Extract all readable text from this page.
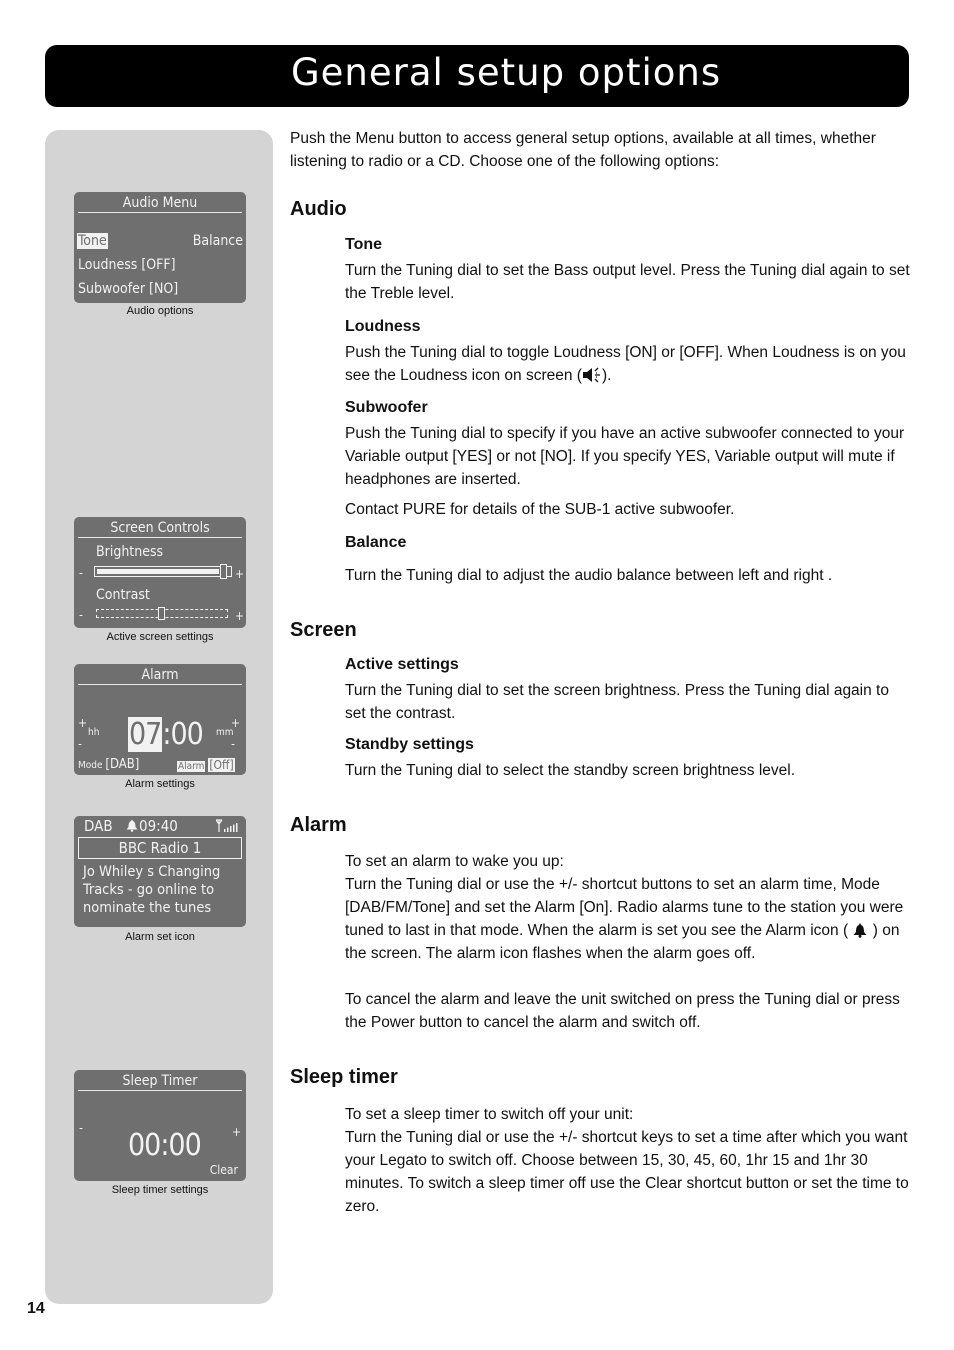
General setup options
Audio Menu
Tone	Balance
Loudness [OFF]
Subwoofer [NO]
Audio options
Screen Controls
Brightness
-	+
Contrast
-	+
Active screen settings
Alarm
+
-
hh 07:00 mm
+
-
Mode [DAB]	Alarm [Off]
Alarm settings
DAB 09:40
BBC Radio 1
Jo Whiley s Changing
Tracks - go online to
nominate the tunes
Alarm set icon
Sleep Timer
-	+
00:00
Clear
Sleep timer settings

Push the Menu button to access general setup options, available at all times, whether listening to radio or a CD. Choose one of the following options:

Audio
Tone

Turn the Tuning dial to set the Bass output level. Press the Tuning dial again to set the Treble level.

Loudness

Push the Tuning dial to toggle Loudness [ON] or [OFF]. When Loudness is on you see the Loudness icon on screen ( ).

Subwoofer

Push the Tuning dial to specify if you have an active subwoofer connected to your Variable output [YES] or not [NO]. If you specify YES, Variable output will mute if headphones are inserted.

Contact PURE for details of the SUB-1 active subwoofer.

Balance

Turn the Tuning dial to adjust the audio balance between left and right .

Screen
Active settings

Turn the Tuning dial to set the screen brightness. Press the Tuning dial again to set the contrast.

Standby settings

Turn the Tuning dial to select the standby screen brightness level.

Alarm

To set an alarm to wake you up:

Turn the Tuning dial or use the +/- shortcut buttons to set an alarm time, Mode [DAB/FM/Tone] and set the Alarm [On]. Radio alarms tune to the station you were tuned to last in that mode. When the alarm is set you see the Alarm icon ( ) on the screen. The alarm icon flashes when the alarm goes off.

To cancel the alarm and leave the unit switched on press the Tuning dial or press the Power button to cancel the alarm and switch off.

Sleep timer

To set a sleep timer to switch off your unit:

Turn the Tuning dial or use the +/- shortcut keys to set a time after which you want your Legato to switch off. Choose between 15, 30, 45, 60, 1hr 15 and 1hr 30 minutes. To switch a sleep timer off use the Clear shortcut button or set the time to zero.

14
